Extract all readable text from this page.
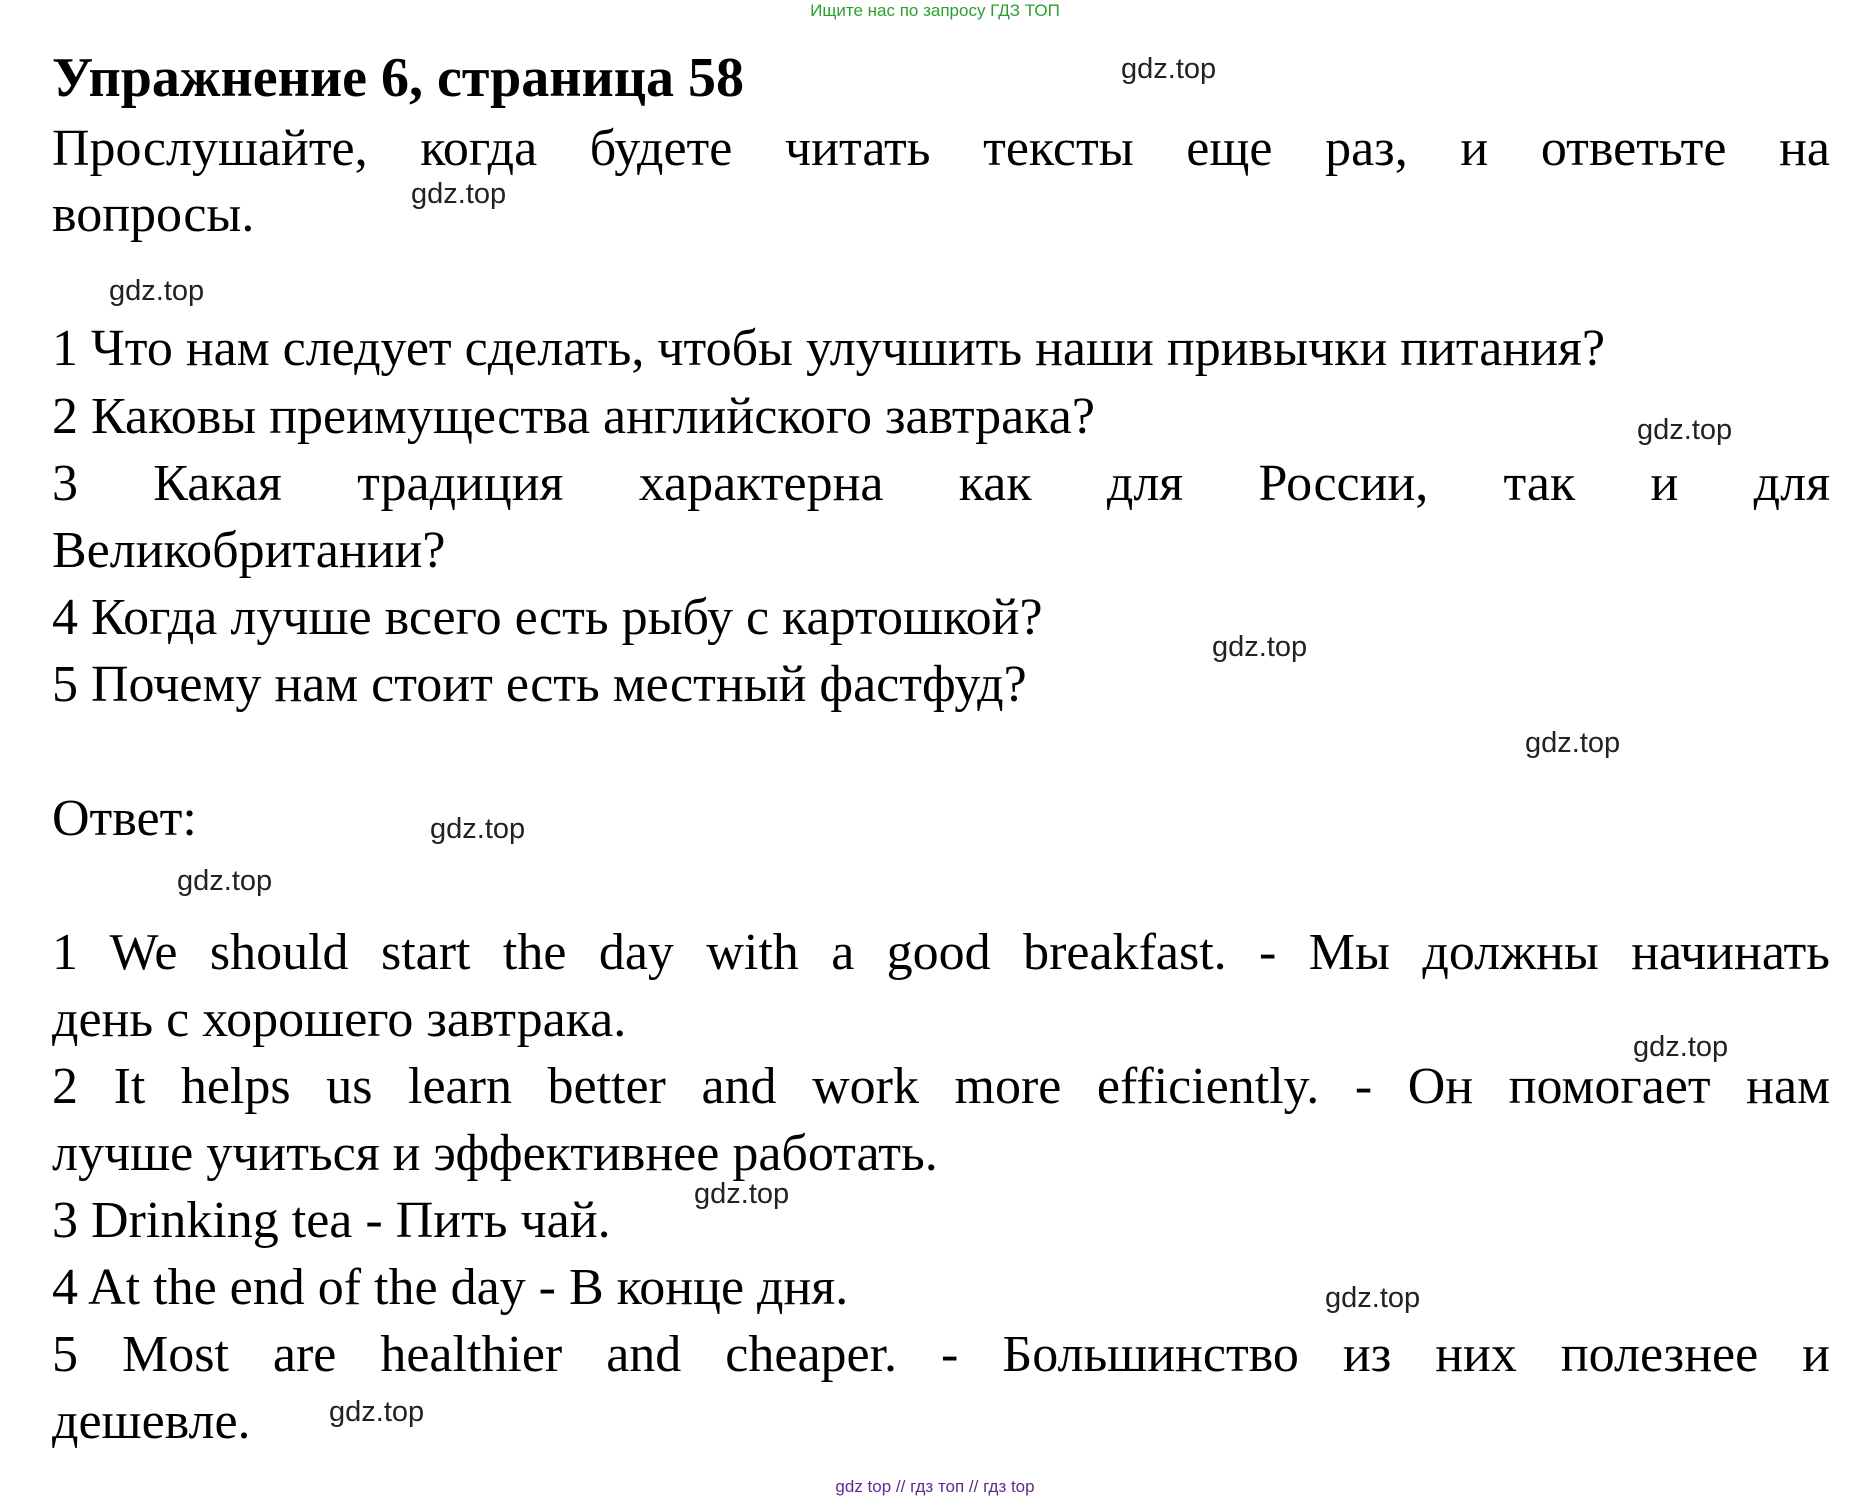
Ищите нас по запросу ГДЗ ТОП
Упражнение 6, страница 58
Прослушайте, когда будете читать тексты еще раз, и ответьте на
вопросы.
1 Что нам следует сделать, чтобы улучшить наши привычки питания?
2 Каковы преимущества английского завтрака?
3 Какая традиция характерна как для России, так и для
Великобритании?
4 Когда лучше всего есть рыбу с картошкой?
5 Почему нам стоит есть местный фастфуд?
Ответ:
1 We should start the day with a good breakfast. - Мы должны начинать
день с хорошего завтрака.
2 It helps us learn better and work more efficiently. - Он помогает нам
лучше учиться и эффективнее работать.
3 Drinking tea - Пить чай.
4 At the end of the day - В конце дня.
5 Most are healthier and cheaper. - Большинство из них полезнее и
дешевле.
gdz.top
gdz.top
gdz.top
gdz.top
gdz.top
gdz.top
gdz.top
gdz.top
gdz.top
gdz.top
gdz.top
gdz.top
gdz top // гдз топ // гдз top
